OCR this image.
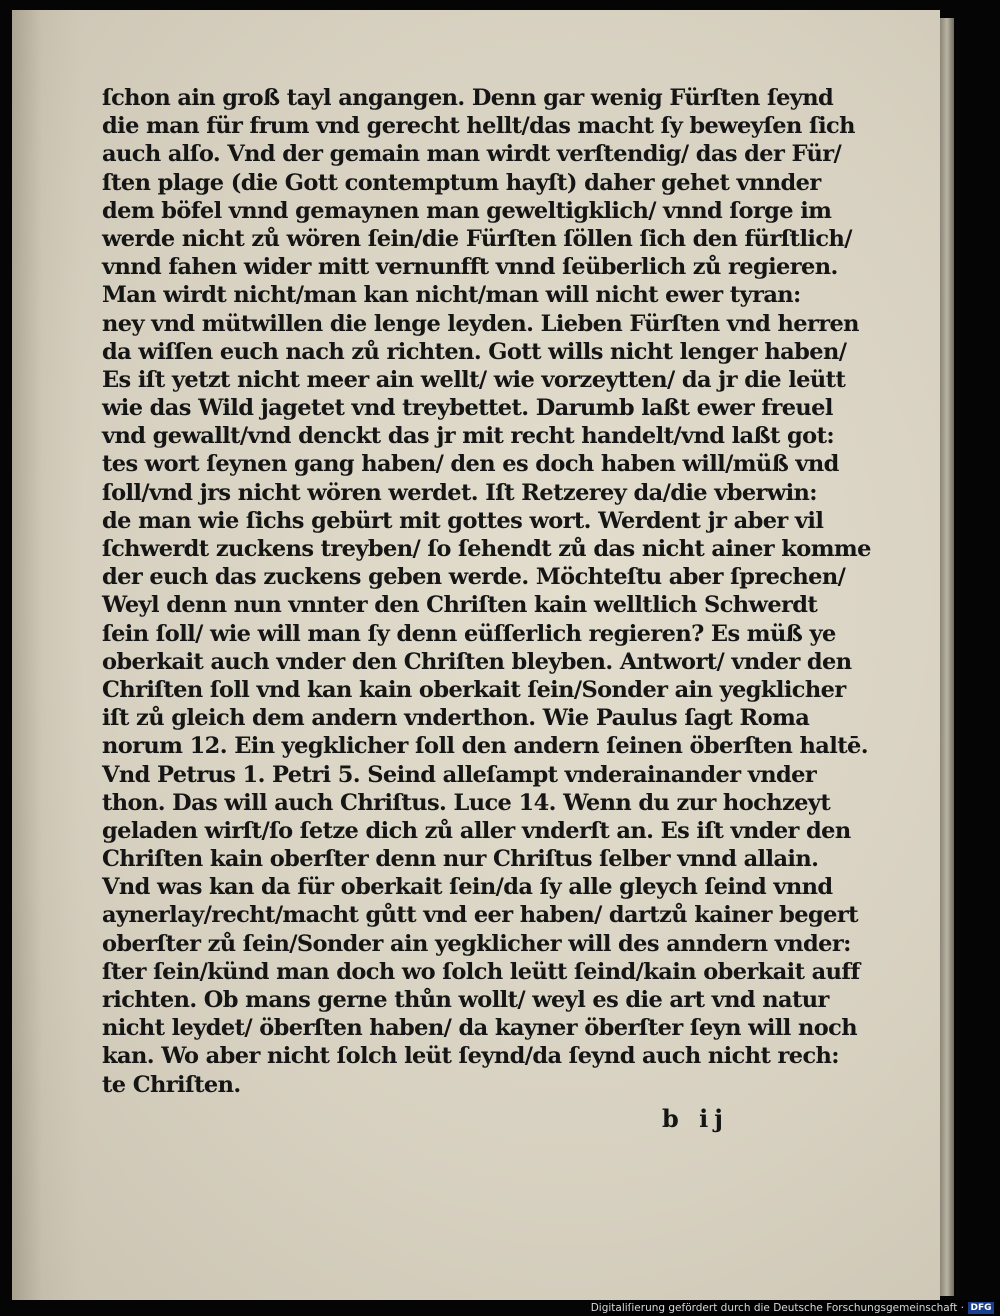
ſchon ain groß tayl angangen. Denn gar wenig Fürſten ſeynd
die man für frum vnd gerecht hellt/das macht ſy beweyſen ſich
auch alſo. Vnd der gemain man wirdt verſtendig/ das der Für/
ſten plage (die Gott contemptum hayſt) daher gehet vnnder
dem böfel vnnd gemaynen man geweltigklich/ vnnd ſorge im
werde nicht zů wören ſein/die Fürſten ſöllen ſich den fürſtlich/
vnnd fahen wider mitt vernunfft vnnd ſeüberlich zů regieren.
Man wirdt nicht/man kan nicht/man will nicht ewer tyran:
ney vnd mütwillen die lenge leyden. Lieben Fürſten vnd herren
da wiſſen euch nach zů richten. Gott wills nicht lenger haben/
Es iſt yetzt nicht meer ain wellt/ wie vorzeytten/ da jr die leütt
wie das Wild jagetet vnd treybettet. Darumb laßt ewer freuel
vnd gewallt/vnd denckt das jr mit recht handelt/vnd laßt got:
tes wort ſeynen gang haben/ den es doch haben will/müß vnd
ſoll/vnd jrs nicht wören werdet. Iſt Retzerey da/die vberwin:
de man wie ſichs gebürt mit gottes wort. Werdent jr aber vil
ſchwerdt zuckens treyben/ ſo ſehendt zů das nicht ainer komme
der euch das zuckens geben werde. Möchteſtu aber ſprechen/
Weyl denn nun vnnter den Chriſten kain welltlich Schwerdt
ſein ſoll/ wie will man ſy denn eüſſerlich regieren? Es müß ye
oberkait auch vnder den Chriſten bleyben. Antwort/ vnder den
Chriſten ſoll vnd kan kain oberkait ſein/Sonder ain yegklicher
iſt zů gleich dem andern vnderthon. Wie Paulus ſagt Roma
norum 12. Ein yegklicher ſoll den andern ſeinen öberſten haltē.
Vnd Petrus 1. Petri 5. Seind alleſampt vnderainander vnder
thon. Das will auch Chriſtus. Luce 14. Wenn du zur hochzeyt
geladen wirſt/ſo ſetze dich zů aller vnderſt an. Es iſt vnder den
Chriſten kain oberſter denn nur Chriſtus ſelber vnnd allain.
Vnd was kan da für oberkait ſein/da ſy alle gleych ſeind vnnd
aynerlay/recht/macht gůtt vnd eer haben/ dartzů kainer begert
oberſter zů ſein/Sonder ain yegklicher will des anndern vnder:
ſter ſein/künd man doch wo ſolch leütt ſeind/kain oberkait auff
richten. Ob mans gerne thůn wollt/ weyl es die art vnd natur
nicht leydet/ öberſten haben/ da kayner öberſter ſeyn will noch
kan. Wo aber nicht ſolch leüt ſeynd/da ſeynd auch nicht rech:
te Chriſten.
b ij
Digitaliſierung gefördert durch die Deutsche Forschungsgemeinschaft · DFG
